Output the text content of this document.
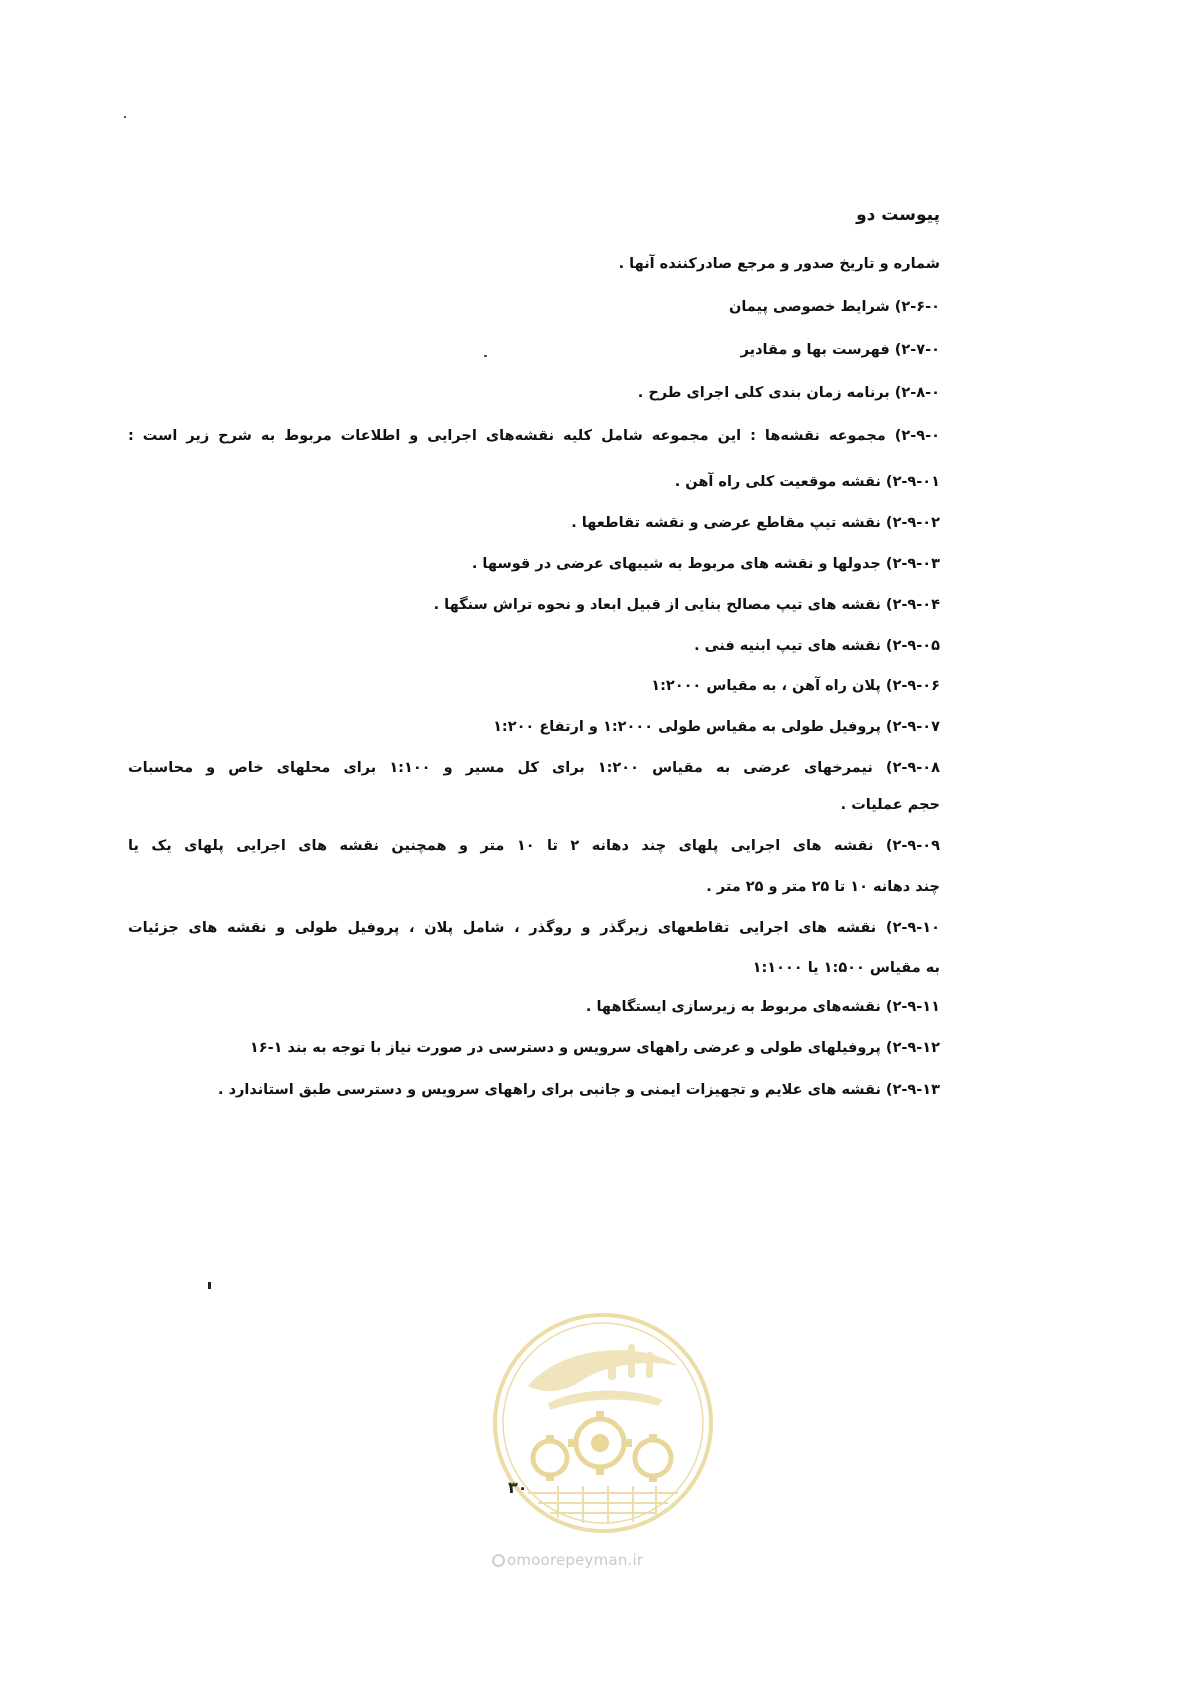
پیوست دو
شماره و تاریخ صدور و مرجع صادرکننده آنها .
۲-۶-۰) شرایط خصوصی پیمان
۲-۷-۰) فهرست بها و مقادیر
۲-۸-۰) برنامه زمان بندی کلی اجرای طرح .
۲-۹-۰) مجموعه نقشه‌ها : این مجموعه شامل کلیه نقشه‌های اجرایی و اطلاعات مربوط به شرح زیر است :
۲-۹-۰۱) نقشه موقعیت کلی راه آهن .
۲-۹-۰۲) نقشه تیپ مقاطع عرضی و نقشه تقاطعها .
۲-۹-۰۳) جدولها و نقشه های مربوط به شیبهای عرضی در قوسها .
۲-۹-۰۴) نقشه های تیپ مصالح بنایی از قبیل ابعاد و نحوه تراش سنگها .
۲-۹-۰۵) نقشه های تیپ ابنیه فنی .
۲-۹-۰۶) پلان راه آهن ، به مقیاس ۱:۲۰۰۰
۲-۹-۰۷) پروفیل طولی به مقیاس طولی ۱:۲۰۰۰ و ارتفاع ۱:۲۰۰
۲-۹-۰۸) نیمرخهای عرضی به مقیاس ۱:۲۰۰ برای کل مسیر و ۱:۱۰۰ برای محلهای خاص و محاسبات
حجم عملیات .
۲-۹-۰۹) نقشه های اجرایی پلهای چند دهانه ۲ تا ۱۰ متر و همچنین نقشه های اجرایی پلهای یک یا
چند دهانه ۱۰ تا ۲۵ متر و ۲۵ متر .
۲-۹-۱۰) نقشه های اجرایی تقاطعهای زیرگذر و روگذر ، شامل پلان ، پروفیل طولی و نقشه های جزئیات
به مقیاس ۱:۵۰۰ یا ۱:۱۰۰۰
۲-۹-۱۱) نقشه‌های مربوط به زیرسازی ایستگاهها .
۲-۹-۱۲) پروفیلهای طولی و عرضی راههای سرویس و دسترسی در صورت نیاز با توجه به بند ۱-۱۶
۲-۹-۱۳) نقشه های علایم و تجهیزات ایمنی و جانبی برای راههای سرویس و دسترسی طبق استاندارد .
۳۰
omoorepeyman.ir
